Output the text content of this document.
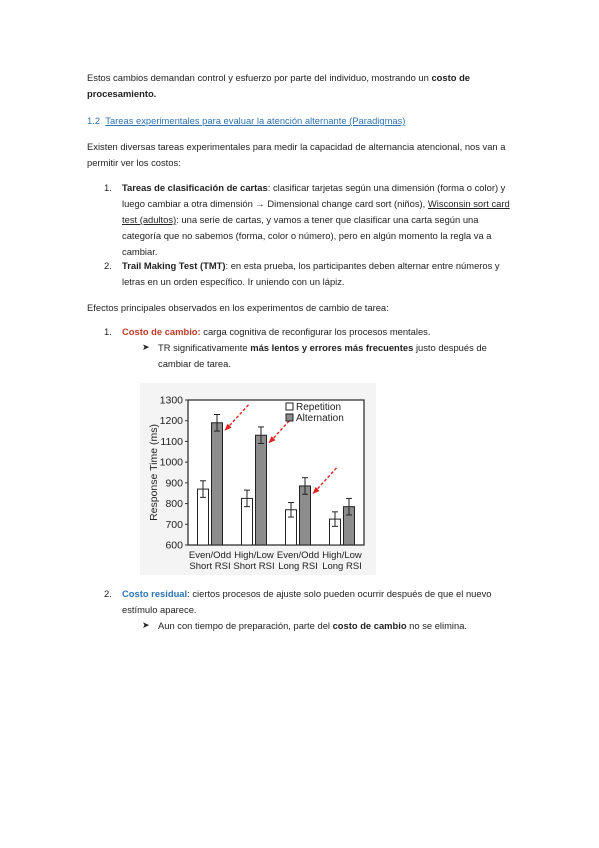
Estos cambios demandan control y esfuerzo por parte del individuo, mostrando un costo de procesamiento.
1.2 Tareas experimentales para evaluar la atención alternante (Paradigmas)
Existen diversas tareas experimentales para medir la capacidad de alternancia atencional, nos van a permitir ver los costos:
1. Tareas de clasificación de cartas: clasificar tarjetas según una dimensión (forma o color) y luego cambiar a otra dimensión → Dimensional change card sort (niños), Wisconsin sort card test (adultos): una serie de cartas, y vamos a tener que clasificar una carta según una categoría que no sabemos (forma, color o número), pero en algún momento la regla va a cambiar.
2. Trail Making Test (TMT): en esta prueba, los participantes deben alternar entre números y letras en un orden específico. Ir uniendo con un lápiz.
Efectos principales observados en los experimentos de cambio de tarea:
1. Costo de cambio: carga cognitiva de reconfigurar los procesos mentales.
➤ TR significativamente más lentos y errores más frecuentes justo después de cambiar de tarea.
600
700
800
900
1000
1100
1200
1300
Response Time (ms)
Even/Odd
Short RSI
High/Low
Short RSI
Even/Odd
Long RSI
High/Low
Long RSI
Repetition
Alternation
2. Costo residual: ciertos procesos de ajuste solo pueden ocurrir después de que el nuevo estímulo aparece.
➤ Aun con tiempo de preparación, parte del costo de cambio no se elimina.
